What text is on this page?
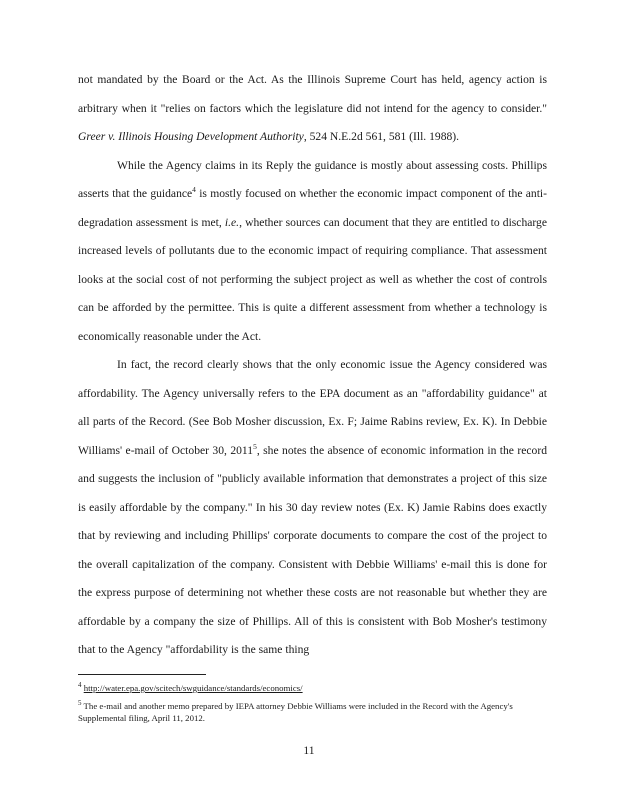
not mandated by the Board or the Act. As the Illinois Supreme Court has held, agency action is arbitrary when it "relies on factors which the legislature did not intend for the agency to consider." Greer v. Illinois Housing Development Authority, 524 N.E.2d 561, 581 (Ill. 1988).

While the Agency claims in its Reply the guidance is mostly about assessing costs. Phillips asserts that the guidance$^4$ is mostly focused on whether the economic impact component of the anti-degradation assessment is met, i.e., whether sources can document that they are entitled to discharge increased levels of pollutants due to the economic impact of requiring compliance. That assessment looks at the social cost of not performing the subject project as well as whether the cost of controls can be afforded by the permittee. This is quite a different assessment from whether a technology is economically reasonable under the Act.

In fact, the record clearly shows that the only economic issue the Agency considered was affordability. The Agency universally refers to the EPA document as an "affordability guidance" at all parts of the Record. (See Bob Mosher discussion, Ex. F; Jaime Rabins review, Ex. K). In Debbie Williams' e-mail of October 30, 2011$^5$, she notes the absence of economic information in the record and suggests the inclusion of "publicly available information that demonstrates a project of this size is easily affordable by the company." In his 30 day review notes (Ex. K) Jamie Rabins does exactly that by reviewing and including Phillips' corporate documents to compare the cost of the project to the overall capitalization of the company. Consistent with Debbie Williams' e-mail this is done for the express purpose of determining not whether these costs are not reasonable but whether they are affordable by a company the size of Phillips. All of this is consistent with Bob Mosher's testimony that to the Agency "affordability is the same thing

$^4$ http://water.epa.gov/scitech/swguidance/standards/economics/

$^5$ The e-mail and another memo prepared by IEPA attorney Debbie Williams were included in the Record with the Agency's Supplemental filing, April 11, 2012.

11
